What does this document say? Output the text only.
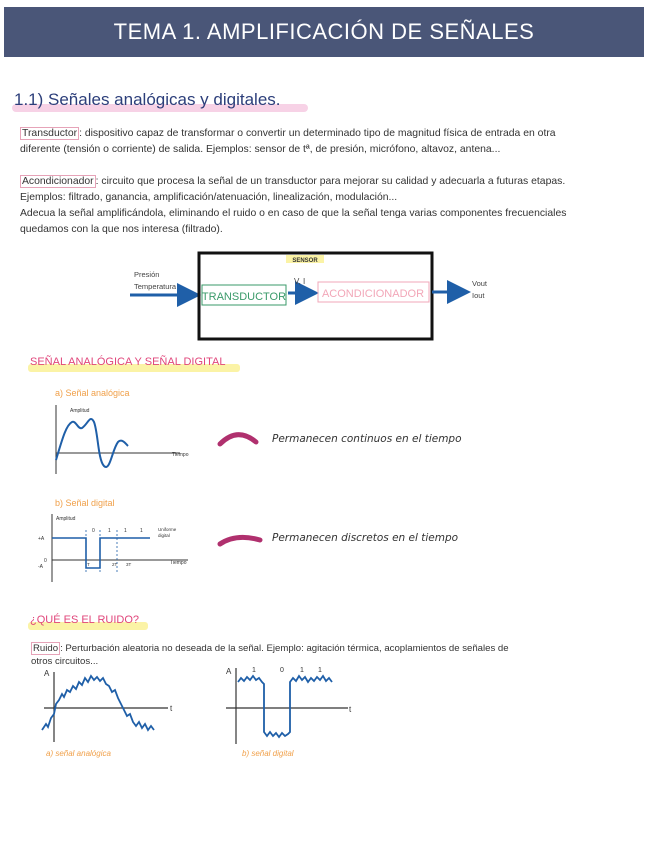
TEMA 1. AMPLIFICACIÓN DE SEÑALES
1.1) Señales analógicas y digitales.
Transductor : dispositivo capaz de transformar o convertir un determinado tipo de magnitud física de entrada en otra
diferente (tensión o corriente) de salida. Ejemplos: sensor de tª, de presión, micrófono, altavoz, antena...
Acondicionador : circuito que procesa la señal de un transductor para mejorar su calidad y adecuarla a futuras etapas.
Ejemplos: filtrado, ganancia, amplificación/atenuación, linealización, modulación...
Adecua la señal amplificándola, eliminando el ruido o en caso de que la señal tenga varias componentes frecuenciales
quedamos con la que nos interesa (filtrado).
Presión
Temperatura
SENSOR
TRANSDUCTOR
V, I
ACONDICIONADOR
Vout
Iout
SEÑAL ANALÓGICA Y SEÑAL DIGITAL
a) Señal analógica
Amplitud
Tiempo
Permanecen continuos en el tiempo
b) Señal digital
Amplitud
Tiempo
Uniforme
digital
+A
-A
0
0	1	1	1
T	2T 3T
Permanecen discretos en el tiempo
¿QUÉ ES EL RUIDO?
Ruido : Perturbación aleatoria no deseada de la señal. Ejemplo: agitación térmica, acoplamientos de señales de
otros circuitos...
A
t
a) señal analógica
A
t
1	0 1 1
b) señal digital
